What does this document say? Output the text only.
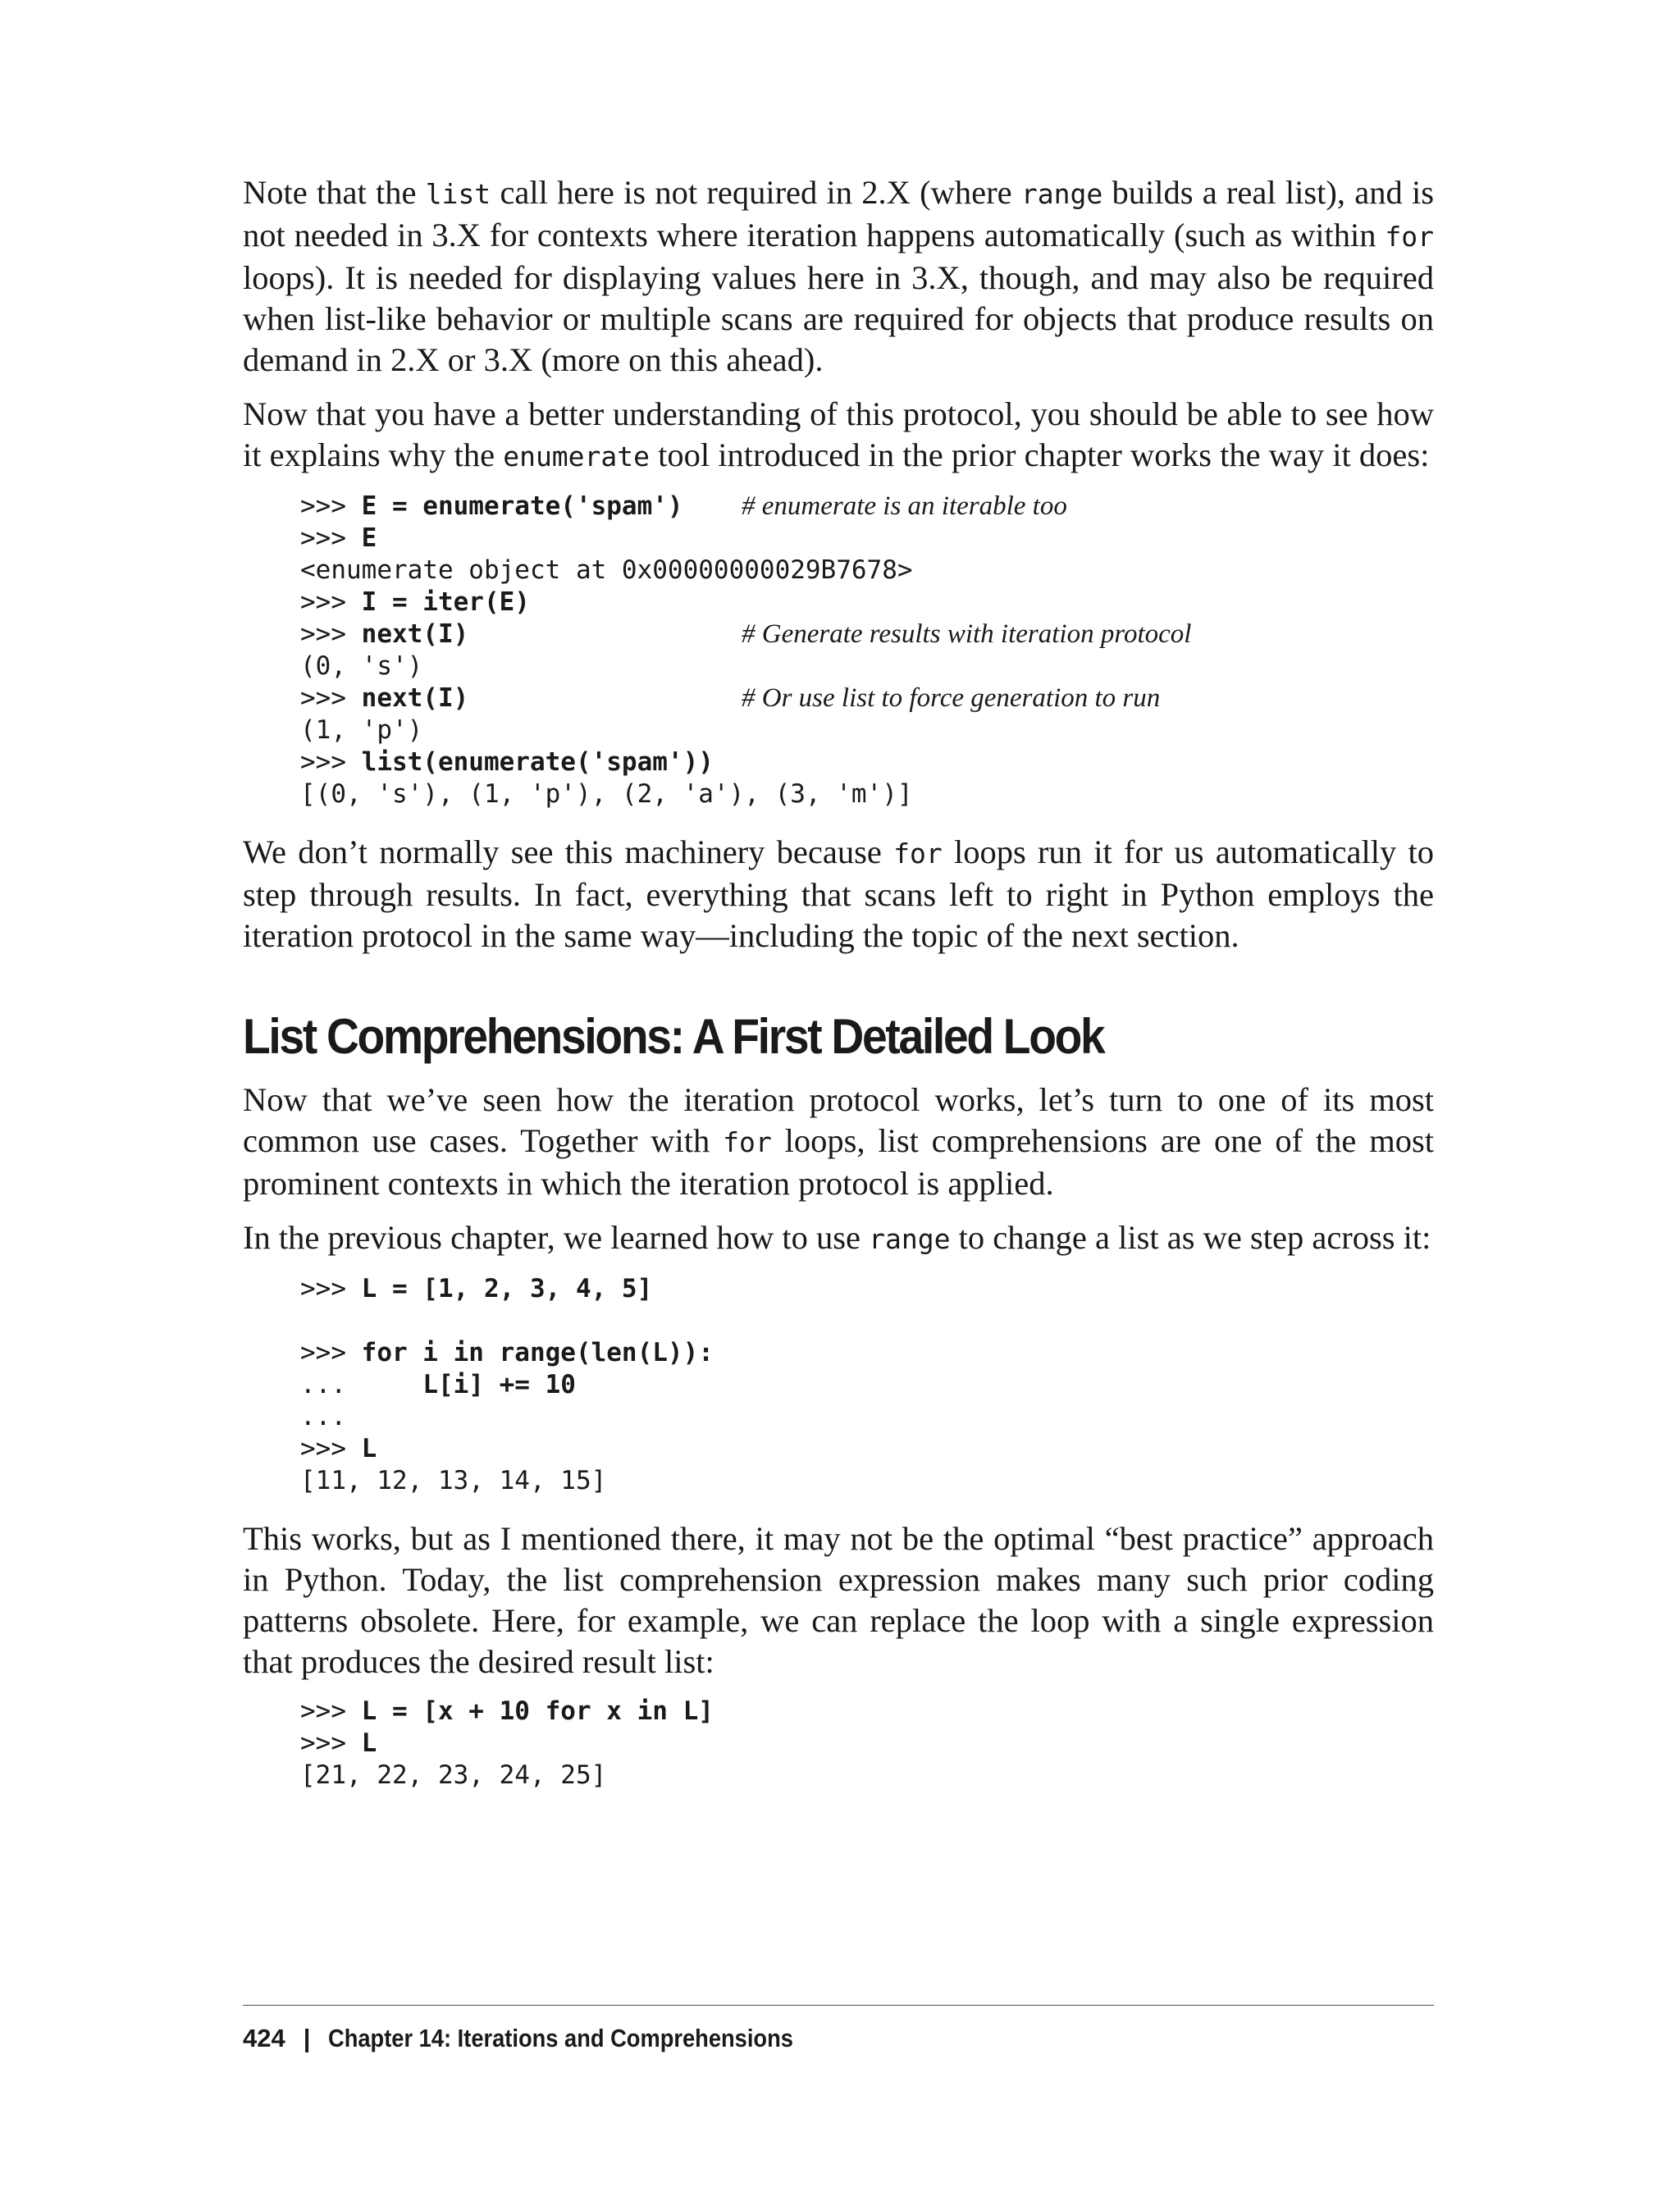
Note that the list call here is not required in 2.X (where range builds a real list), and is not needed in 3.X for contexts where iteration happens automatically (such as within for loops). It is needed for displaying values here in 3.X, though, and may also be required when list-like behavior or multiple scans are required for objects that produce results on demand in 2.X or 3.X (more on this ahead).

Now that you have a better understanding of this protocol, you should be able to see how it explains why the enumerate tool introduced in the prior chapter works the way it does:

>>> E = enumerate('spam')	# enumerate is an iterable too
>>> E
<enumerate object at 0x00000000029B7678>
>>> I = iter(E)
>>> next(I)	# Generate results with iteration protocol
(0, 's')
>>> next(I)	# Or use list to force generation to run
(1, 'p')
>>> list(enumerate('spam'))
[(0, 's'), (1, 'p'), (2, 'a'), (3, 'm')]

We don’t normally see this machinery because for loops run it for us automatically to step through results. In fact, everything that scans left to right in Python employs the iteration protocol in the same way—including the topic of the next section.

List Comprehensions: A First Detailed Look

Now that we’ve seen how the iteration protocol works, let’s turn to one of its most common use cases. Together with for loops, list comprehensions are one of the most prominent contexts in which the iteration protocol is applied.

In the previous chapter, we learned how to use range to change a list as we step across it:

>>> L = [1, 2, 3, 4, 5]
>>> for i in range(len(L)):
...     L[i] += 10
...
>>> L
[11, 12, 13, 14, 15]

This works, but as I mentioned there, it may not be the optimal “best practice” approach in Python. Today, the list comprehension expression makes many such prior coding patterns obsolete. Here, for example, we can replace the loop with a single expression that produces the desired result list:

>>> L = [x + 10 for x in L]
>>> L
[21, 22, 23, 24, 25]
424 | Chapter 14: Iterations and Comprehensions
